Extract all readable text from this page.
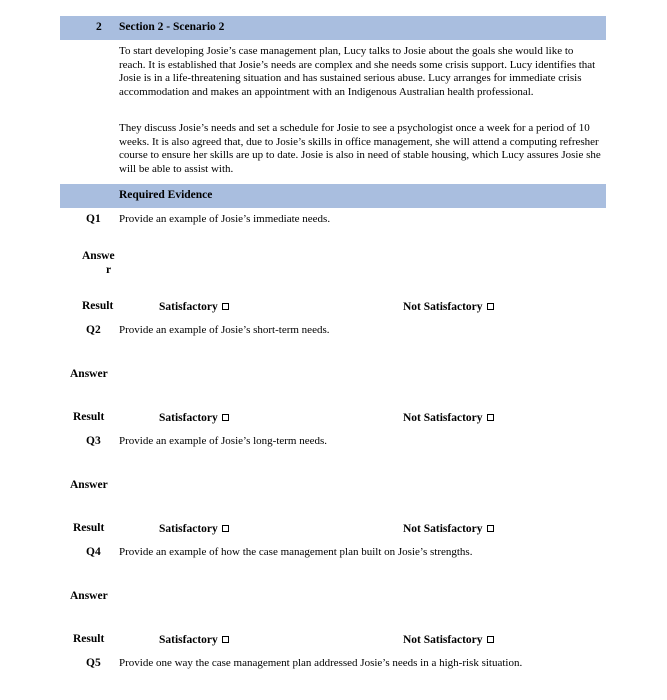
2 Section 2 - Scenario 2

To start developing Josie’s case management plan, Lucy talks to Josie about the goals she would like to reach. It is established that Josie’s needs are complex and she needs some crisis support. Lucy identifies that Josie is in a life-threatening situation and has sustained serious abuse. Lucy arranges for immediate crisis accommodation and makes an appointment with an Indigenous Australian health professional.

They discuss Josie’s needs and set a schedule for Josie to see a psychologist once a week for a period of 10 weeks. It is also agreed that, due to Josie’s skills in office management, she will attend a computing refresher course to ensure her skills are up to date. Josie is also in need of stable housing, which Lucy assures Josie she will be able to assist with.

Required Evidence
Q1 Provide an example of Josie’s immediate needs.
Answe
r
Result	Satisfactory	Not Satisfactory
Q2 Provide an example of Josie’s short-term needs.
Answer
Result	Satisfactory	Not Satisfactory
Q3 Provide an example of Josie’s long-term needs.
Answer
Result	Satisfactory	Not Satisfactory
Q4 Provide an example of how the case management plan built on Josie’s strengths.
Answer
Result	Satisfactory	Not Satisfactory
Q5 Provide one way the case management plan addressed Josie’s needs in a high-risk situation.
